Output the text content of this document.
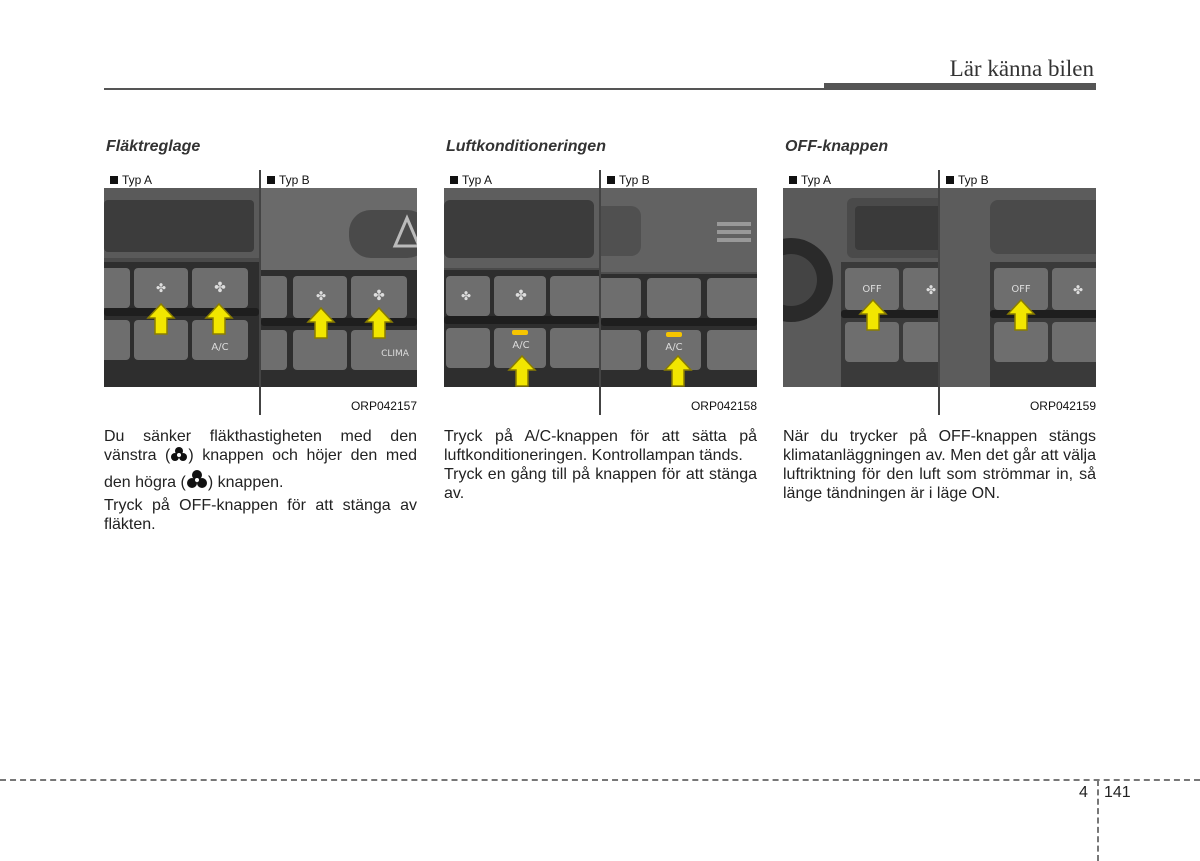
Lär känna bilen
Fläktreglage
✤	✤
A/C
Typ A
✤	✤
CLIMA
Typ B
ORP042157

Du sänker fläkthastigheten med den vänstra ( ) knappen och höjer den med den högra ( ) knappen.

Tryck på OFF-knappen för att stänga av fläkten.

Luftkonditioneringen
✤	✤
A/C
Typ A
A/C
Typ B
ORP042158

Tryck på A/C-knappen för att sätta på luftkonditioneringen. Kontrollampan tänds.

Tryck en gång till på knappen för att stänga av.

OFF-knappen
OFF	✤
Typ A
OFF	✤
Typ B
ORP042159

När du trycker på OFF-knappen stängs klimatanläggningen av. Men det går att välja luftriktning för den luft som strömmar in, så länge tändningen är i läge ON.

4 141
